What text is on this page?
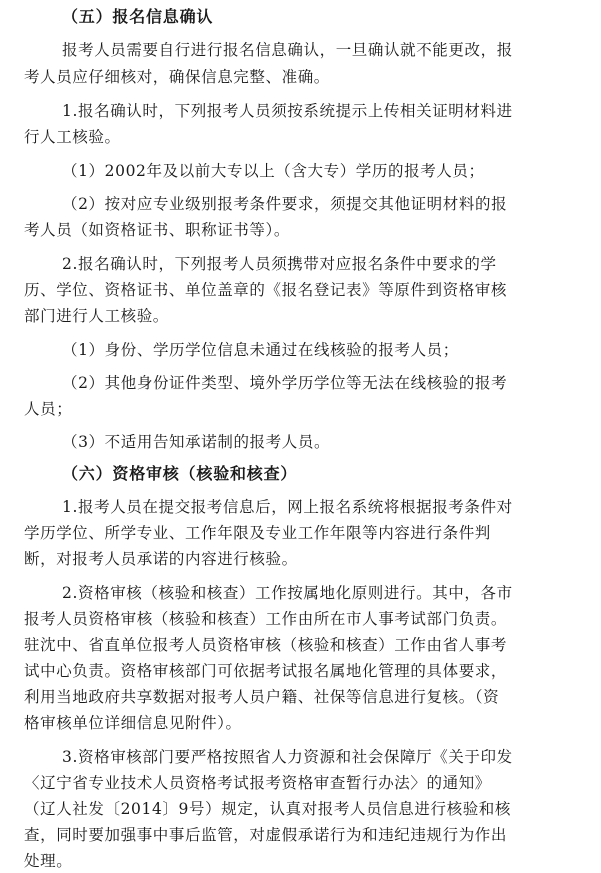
（五）报名信息确认
报考人员需要自行进行报名信息确认，一旦确认就不能更改，报
考人员应仔细核对，确保信息完整、准确。
1.报名确认时，下列报考人员须按系统提示上传相关证明材料进
行人工核验。
（1）2002年及以前大专以上（含大专）学历的报考人员；
（2）按对应专业级别报考条件要求，须提交其他证明材料的报
考人员（如资格证书、职称证书等）。
2.报名确认时，下列报考人员须携带对应报名条件中要求的学
历、学位、资格证书、单位盖章的《报名登记表》等原件到资格审核
部门进行人工核验。
（1）身份、学历学位信息未通过在线核验的报考人员；
（2）其他身份证件类型、境外学历学位等无法在线核验的报考
人员；
（3）不适用告知承诺制的报考人员。
（六）资格审核（核验和核查）
1.报考人员在提交报考信息后，网上报名系统将根据报考条件对
学历学位、所学专业、工作年限及专业工作年限等内容进行条件判
断，对报考人员承诺的内容进行核验。
2.资格审核（核验和核查）工作按属地化原则进行。其中，各市
报考人员资格审核（核验和核查）工作由所在市人事考试部门负责。
驻沈中、省直单位报考人员资格审核（核验和核查）工作由省人事考
试中心负责。资格审核部门可依据考试报名属地化管理的具体要求，
利用当地政府共享数据对报考人员户籍、社保等信息进行复核。（资
格审核单位详细信息见附件）。
3.资格审核部门要严格按照省人力资源和社会保障厅《关于印发
〈辽宁省专业技术人员资格考试报考资格审查暂行办法〉的通知》
（辽人社发〔2014〕9号）规定，认真对报考人员信息进行核验和核
查，同时要加强事中事后监管，对虚假承诺行为和违纪违规行为作出
处理。
